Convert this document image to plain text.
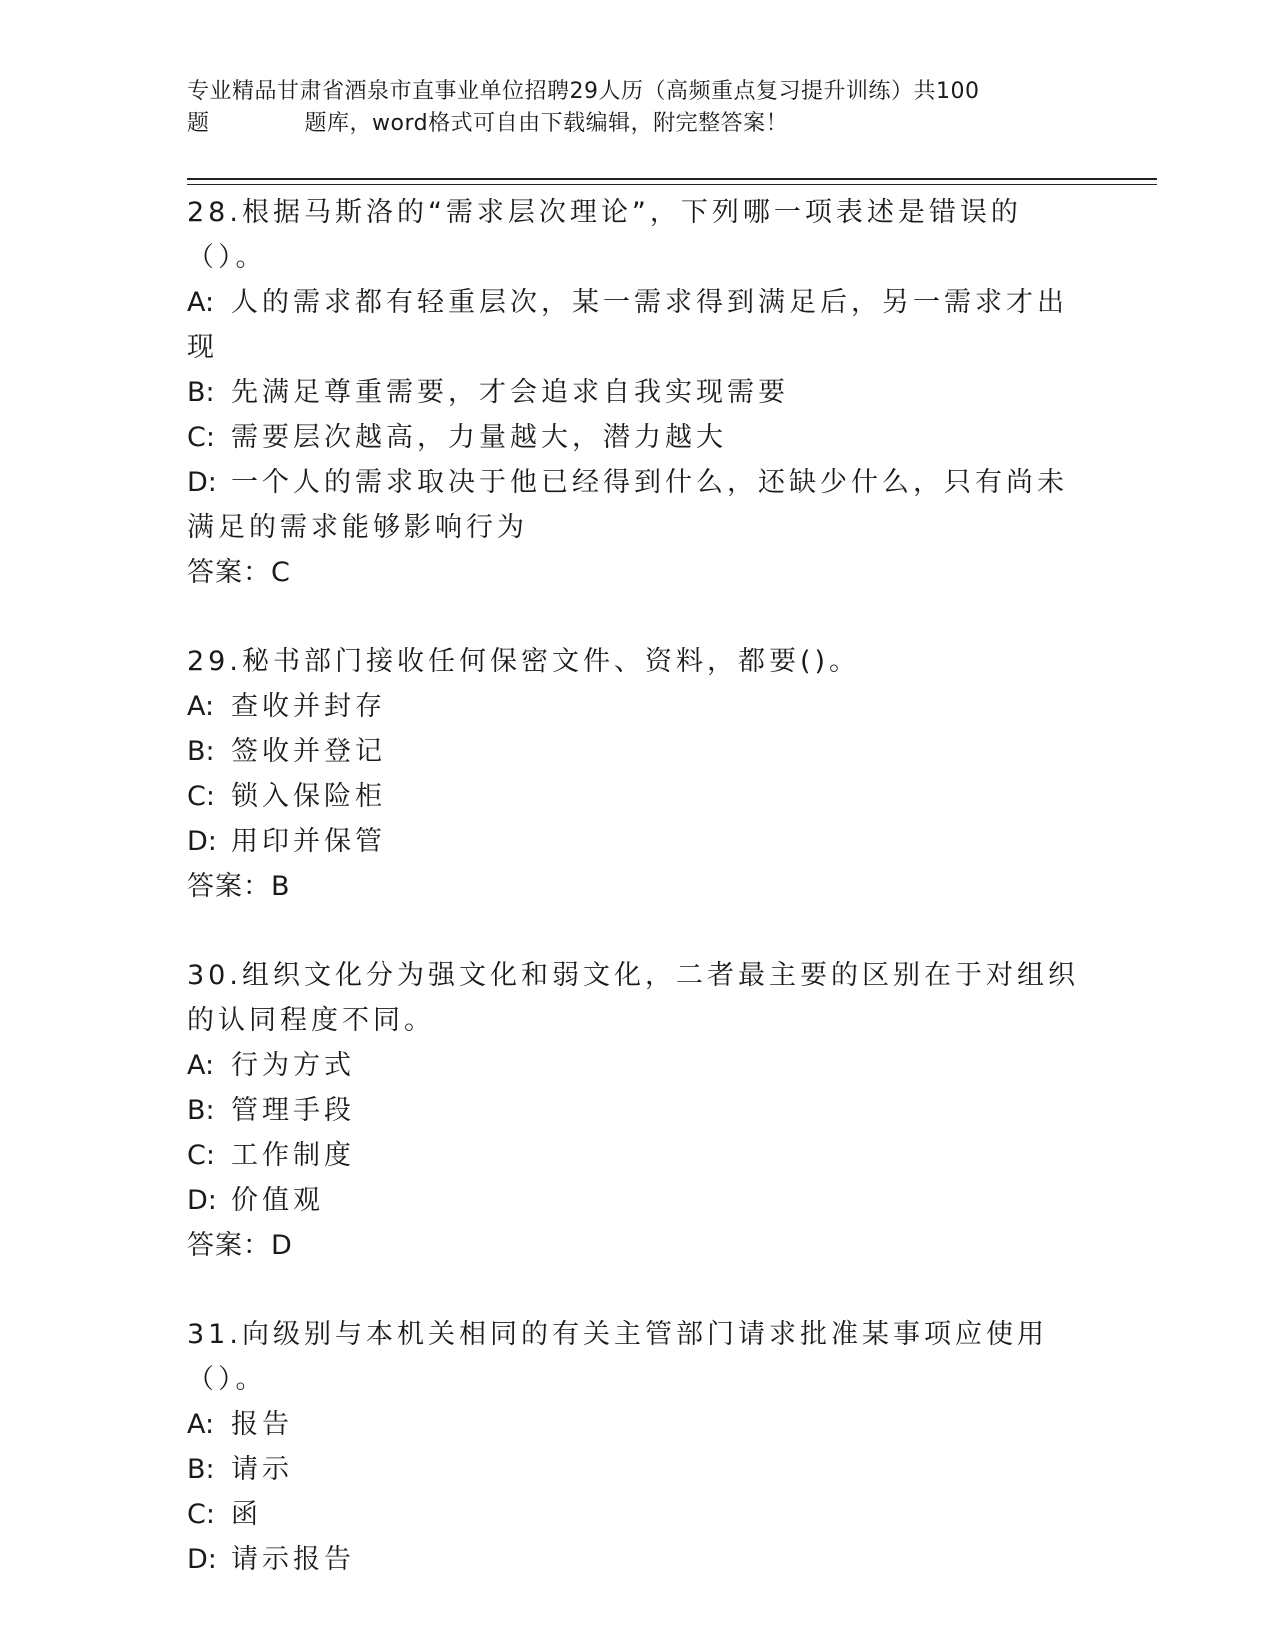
专业精品甘肃省酒泉市直事业单位招聘29人历（高频重点复习提升训练）共100
题	题库，word格式可自由下载编辑，附完整答案！

28.根据马斯洛的“需求层次理论”，下列哪一项表述是错误的（）。

A: 人的需求都有轻重层次，某一需求得到满足后，另一需求才出现

B: 先满足尊重需要，才会追求自我实现需要

C: 需要层次越高，力量越大，潜力越大

D: 一个人的需求取决于他已经得到什么，还缺少什么，只有尚未满足的需求能够影响行为

答案：C

29.秘书部门接收任何保密文件、资料，都要()。

A: 查收并封存

B: 签收并登记

C: 锁入保险柜

D: 用印并保管

答案：B

30.组织文化分为强文化和弱文化，二者最主要的区别在于对组织的认同程度不同。

A: 行为方式

B: 管理手段

C: 工作制度

D: 价值观

答案：D

31.向级别与本机关相同的有关主管部门请求批准某事项应使用（）。

A: 报告

B: 请示

C: 函

D: 请示报告
